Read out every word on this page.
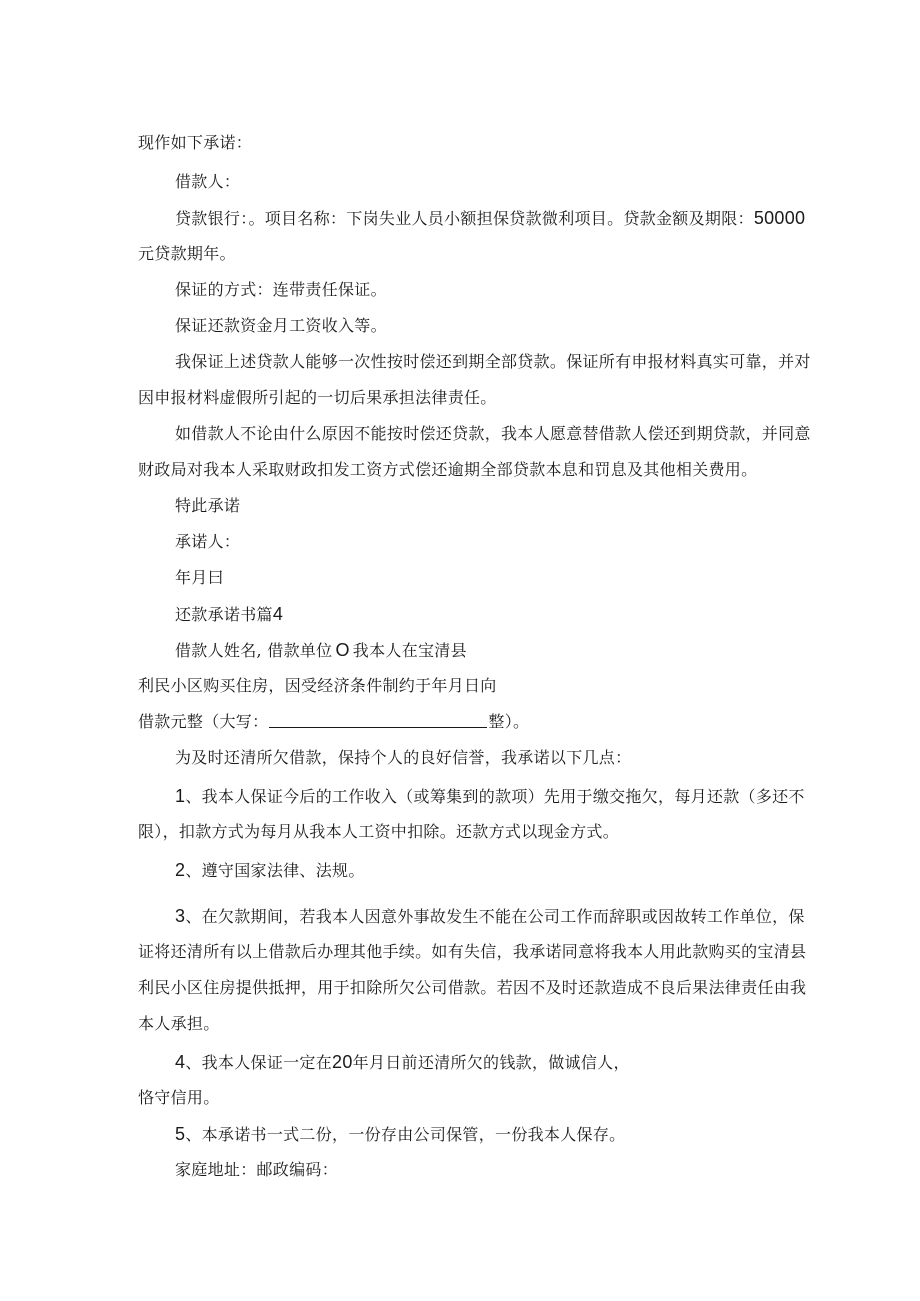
现作如下承诺：
借款人：
贷款银行：。项目名称：下岗失业人员小额担保贷款微利项目。贷款金额及期限：50000
元贷款期年。
保证的方式：连带责任保证。
保证还款资金月工资收入等。
我保证上述贷款人能够一次性按时偿还到期全部贷款。保证所有申报材料真实可靠，并对
因申报材料虚假所引起的一切后果承担法律责任。
如借款人不论由什么原因不能按时偿还贷款，我本人愿意替借款人偿还到期贷款，并同意
财政局对我本人采取财政扣发工资方式偿还逾期全部贷款本息和罚息及其他相关费用。
特此承诺
承诺人：
年月曰
还款承诺书篇4
借款人姓名, 借款单位 O 我本人在宝清县
利民小区购买住房，因受经济条件制约于年月日向
借款元整（大写：	整）。
为及时还清所欠借款，保持个人的良好信誉，我承诺以下几点：
1、我本人保证今后的工作收入（或筹集到的款项）先用于缴交拖欠，每月还款（多还不
限），扣款方式为每月从我本人工资中扣除。还款方式以现金方式。
2、遵守国家法律、法规。
3、在欠款期间，若我本人因意外事故发生不能在公司工作而辞职或因故转工作单位，保
证将还清所有以上借款后办理其他手续。如有失信，我承诺同意将我本人用此款购买的宝清县
利民小区住房提供抵押，用于扣除所欠公司借款。若因不及时还款造成不良后果法律责任由我
本人承担。
4、我本人保证一定在20年月日前还清所欠的钱款，做诚信人，
恪守信用。
5、本承诺书一式二份，一份存由公司保管，一份我本人保存。
家庭地址：邮政编码：
